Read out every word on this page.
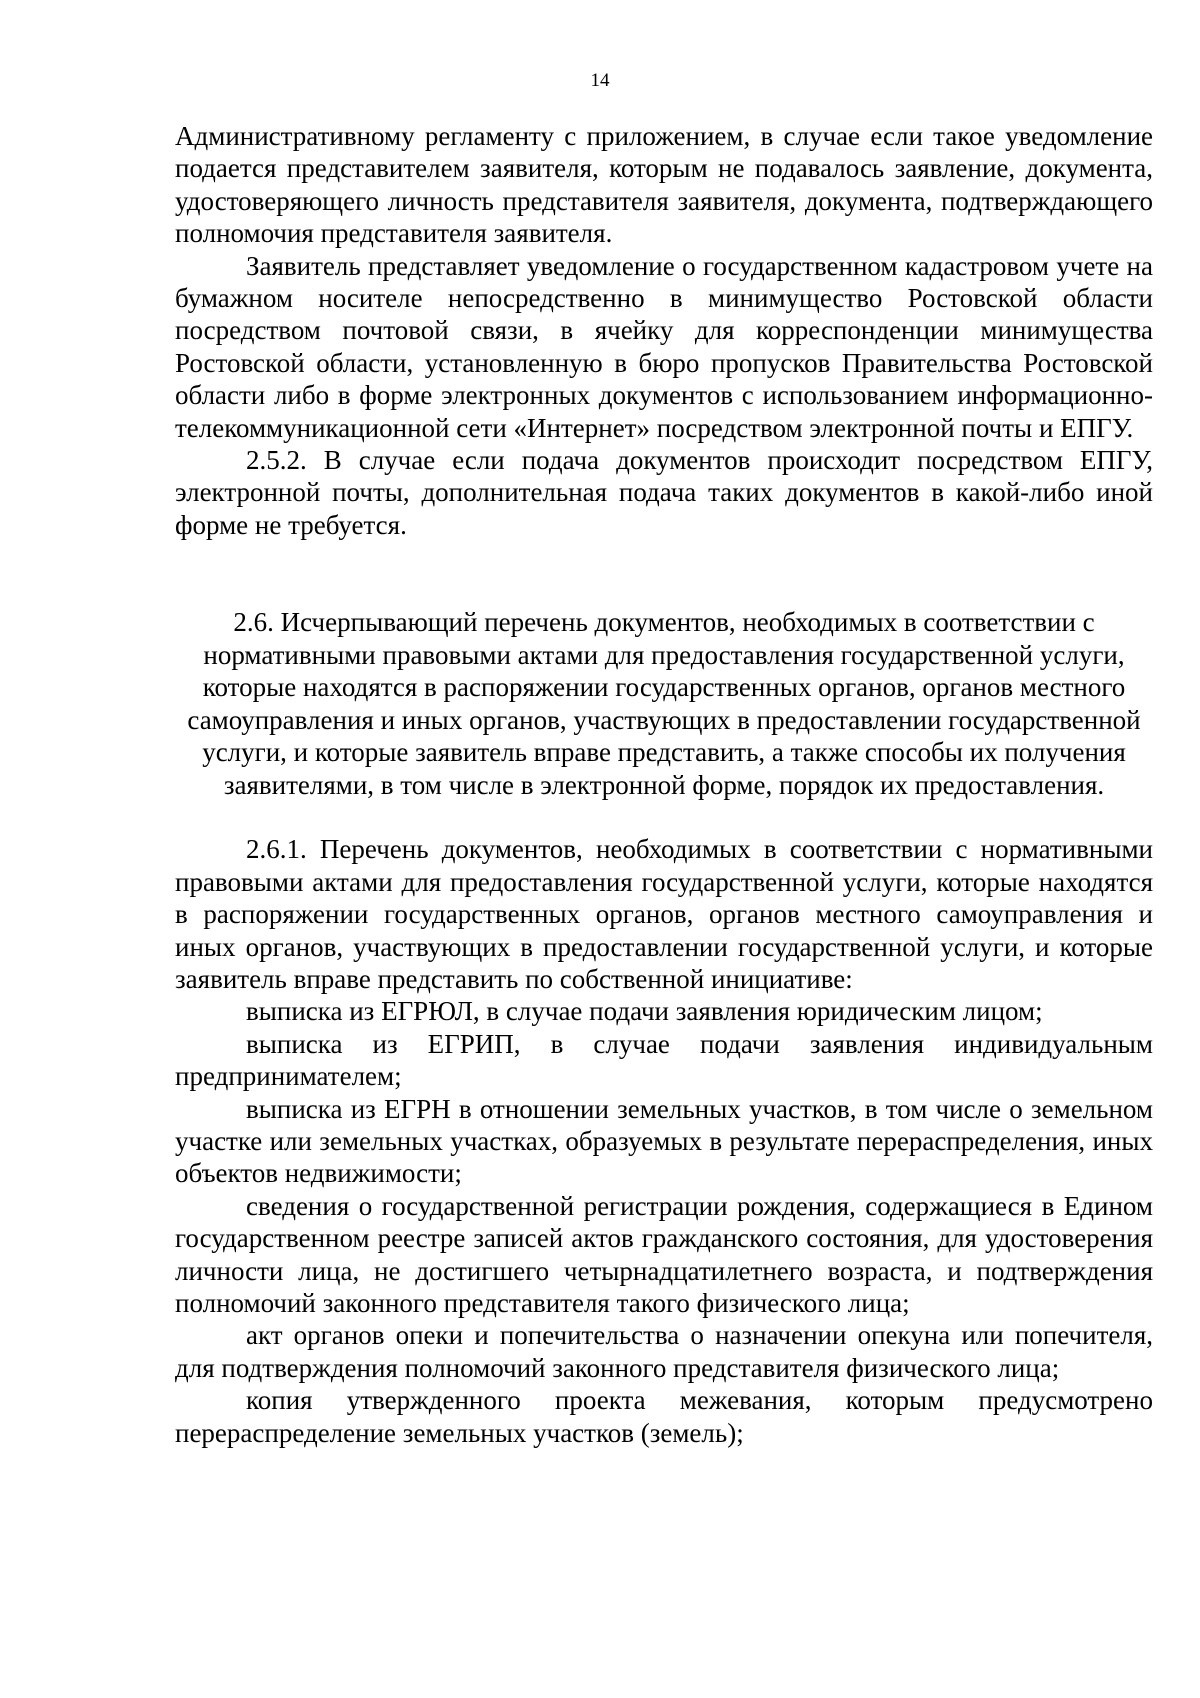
14

Административному регламенту с приложением, в случае если такое уведомление подается представителем заявителя, которым не подавалось заявление, документа, удостоверяющего личность представителя заявителя, документа, подтверждающего полномочия представителя заявителя.

Заявитель представляет уведомление о государственном кадастровом учете на бумажном носителе непосредственно в минимущество Ростовской области посредством почтовой связи, в ячейку для корреспонденции минимущества Ростовской области, установленную в бюро пропусков Правительства Ростовской области либо в форме электронных документов с использованием информационно-телекоммуникационной сети «Интернет» посредством электронной почты и ЕПГУ.

2.5.2. В случае если подача документов происходит посредством ЕПГУ, электронной почты, дополнительная подача таких документов в какой-либо иной форме не требуется.

2.6. Исчерпывающий перечень документов, необходимых в соответствии с нормативными правовыми актами для предоставления государственной услуги, которые находятся в распоряжении государственных органов, органов местного самоуправления и иных органов, участвующих в предоставлении государственной услуги, и которые заявитель вправе представить, а также способы их получения заявителями, в том числе в электронной форме, порядок их предоставления.

2.6.1. Перечень документов, необходимых в соответствии с нормативными правовыми актами для предоставления государственной услуги, которые находятся в распоряжении государственных органов, органов местного самоуправления и иных органов, участвующих в предоставлении государственной услуги, и которые заявитель вправе представить по собственной инициативе:

выписка из ЕГРЮЛ, в случае подачи заявления юридическим лицом;

выписка из ЕГРИП, в случае подачи заявления индивидуальным предпринимателем;

выписка из ЕГРН в отношении земельных участков, в том числе о земельном участке или земельных участках, образуемых в результате перераспределения, иных объектов недвижимости;

сведения о государственной регистрации рождения, содержащиеся в Едином государственном реестре записей актов гражданского состояния, для удостоверения личности лица, не достигшего четырнадцатилетнего возраста, и подтверждения полномочий законного представителя такого физического лица;

акт органов опеки и попечительства о назначении опекуна или попечителя, для подтверждения полномочий законного представителя физического лица;

копия утвержденного проекта межевания, которым предусмотрено перераспределение земельных участков (земель);
